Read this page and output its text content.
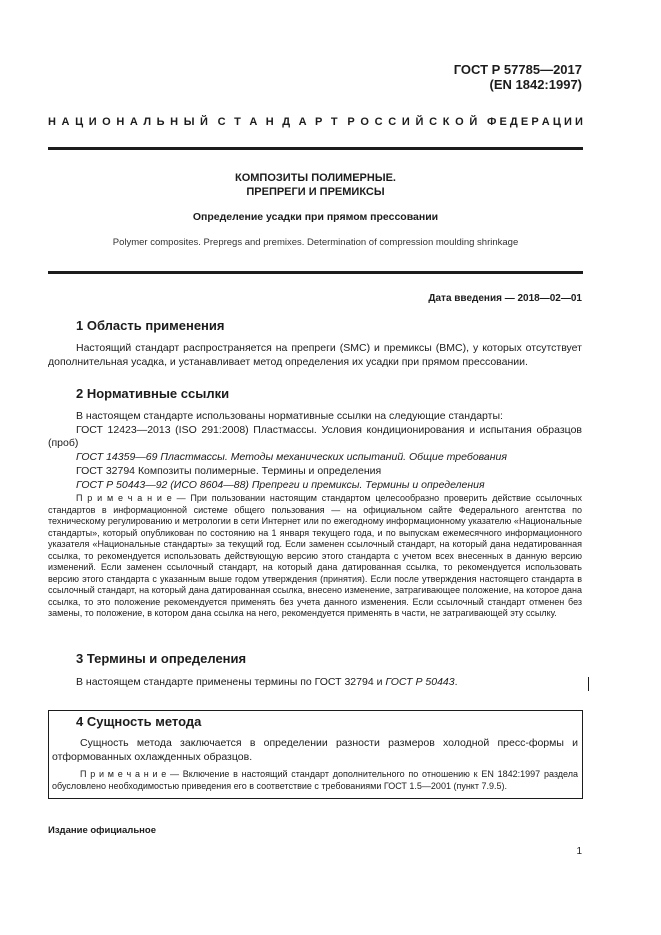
ГОСТ Р 57785—2017
(EN 1842:1997)
Н А Ц И О Н А Л Ь Н Ы Й С Т А Н Д А Р Т Р О С С И Й С К О Й Ф Е Д Е Р А Ц И И
КОМПОЗИТЫ ПОЛИМЕРНЫЕ.
ПРЕПРЕГИ И ПРЕМИКСЫ
Определение усадки при прямом прессовании
Polymer composites. Prepregs and premixes. Determination of compression moulding shrinkage
Дата введения — 2018—02—01
1 Область применения
Настоящий стандарт распространяется на препреги (SMC) и премиксы (BMC), у которых отсутствует дополнительная усадка, и устанавливает метод определения их усадки при прямом прессовании.
2 Нормативные ссылки
В настоящем стандарте использованы нормативные ссылки на следующие стандарты:
ГОСТ 12423—2013 (ISO 291:2008) Пластмассы. Условия кондиционирования и испытания образцов (проб)
ГОСТ 14359—69 Пластмассы. Методы механических испытаний. Общие требования
ГОСТ 32794 Композиты полимерные. Термины и определения
ГОСТ Р 50443—92 (ИСО 8604—88) Препреги и премиксы. Термины и определения
П р и м е ч а н и е — При пользовании настоящим стандартом целесообразно проверить действие ссылочных стандартов в информационной системе общего пользования — на официальном сайте Федерального агентства по техническому регулированию и метрологии в сети Интернет или по ежегодному информационному указателю «Национальные стандарты», который опубликован по состоянию на 1 января текущего года, и по выпускам ежемесячного информационного указателя «Национальные стандарты» за текущий год. Если заменен ссылочный стандарт, на который дана недатированная ссылка, то рекомендуется использовать действующую версию этого стандарта с учетом всех внесенных в данную версию изменений. Если заменен ссылочный стандарт, на который дана датированная ссылка, то рекомендуется использовать версию этого стандарта с указанным выше годом утверждения (принятия). Если после утверждения настоящего стандарта в ссылочный стандарт, на который дана датированная ссылка, внесено изменение, затрагивающее положение, на которое дана ссылка, то это положение рекомендуется применять без учета данного изменения. Если ссылочный стандарт отменен без замены, то положение, в котором дана ссылка на него, рекомендуется применять в части, не затрагивающей эту ссылку.
3 Термины и определения
В настоящем стандарте применены термины по ГОСТ 32794 и ГОСТ Р 50443.
4 Сущность метода
Сущность метода заключается в определении разности размеров холодной пресс-формы и отформованных охлажденных образцов.
П р и м е ч а н и е — Включение в настоящий стандарт дополнительного по отношению к EN 1842:1997 раздела обусловлено необходимостью приведения его в соответствие с требованиями ГОСТ 1.5—2001 (пункт 7.9.5).
Издание официальное
1
